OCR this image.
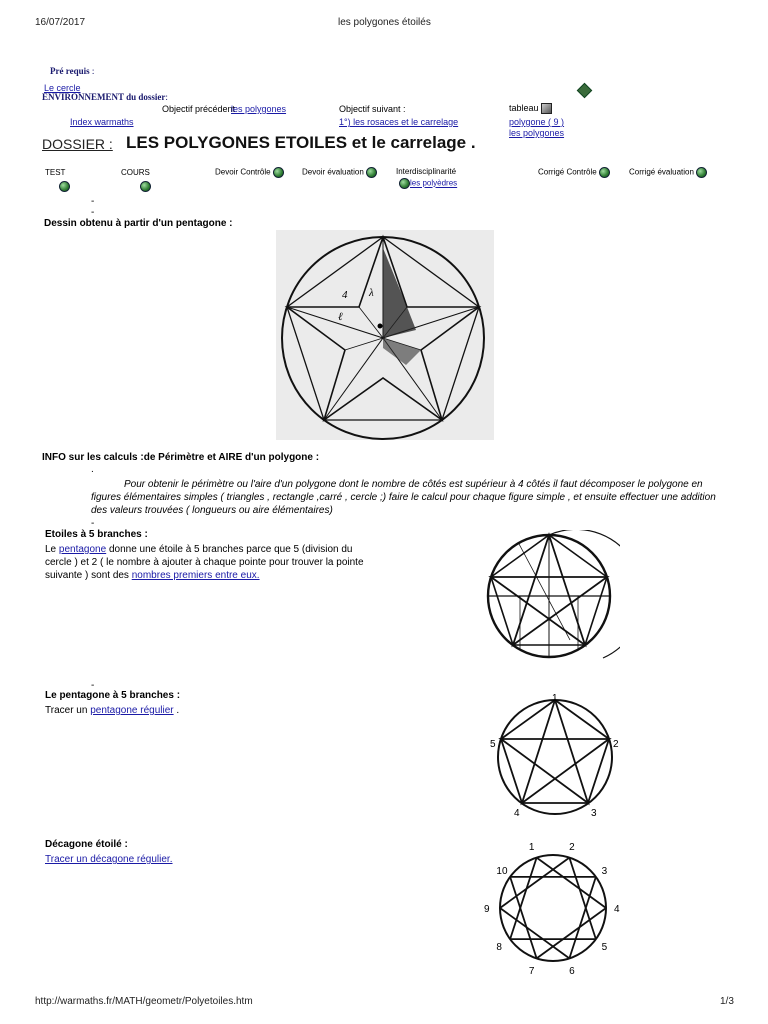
16/07/2017	les polygones étoilés
Pré requis :
Le cercle
ENVIRONNEMENT du dossier:
Index warmaths
Objectif précédent
les polygones	Objectif suivant :
1°) les rosaces et le carrelage
tableau
polygone ( 9 )
les polygones
DOSSIER : LES POLYGONES ETOILES et le carrelage .
TEST	COURS	Devoir Contrôle	Devoir évaluation	Interdisciplinarité
les polyèdres
Corrigé Contrôle	Corrigé évaluation
-
-
Dessin obtenu à partir d'un pentagone :
4 λ
ℓ
INFO sur les calculs :de Périmètre et AIRE d'un polygone :
.
Pour obtenir le périmètre ou l'aire d'un polygone dont le nombre de côtés est supérieur à 4 côtés il faut décomposer le polygone en
figures élémentaires simples ( triangles , rectangle ,carré , cercle ;) faire le calcul pour chaque figure simple , et ensuite effectuer une addition
des valeurs trouvées ( longueurs ou aire élémentaires)
-
Etoiles à 5 branches :
Le pentagone donne une étoile à 5 branches parce que 5 (division du
cercle ) et 2 ( le nombre à ajouter à chaque pointe pour trouver la pointe
suivante ) sont des nombres premiers entre eux.
-
Le pentagone à 5 branches :
Tracer un pentagone régulier .
1
2
3
4
5
Décagone étoilé :
Tracer un décagone régulier.
1	2
3
4
5
6
7
8
9
10
http://warmaths.fr/MATH/geometr/Polyetoiles.htm	1/3
